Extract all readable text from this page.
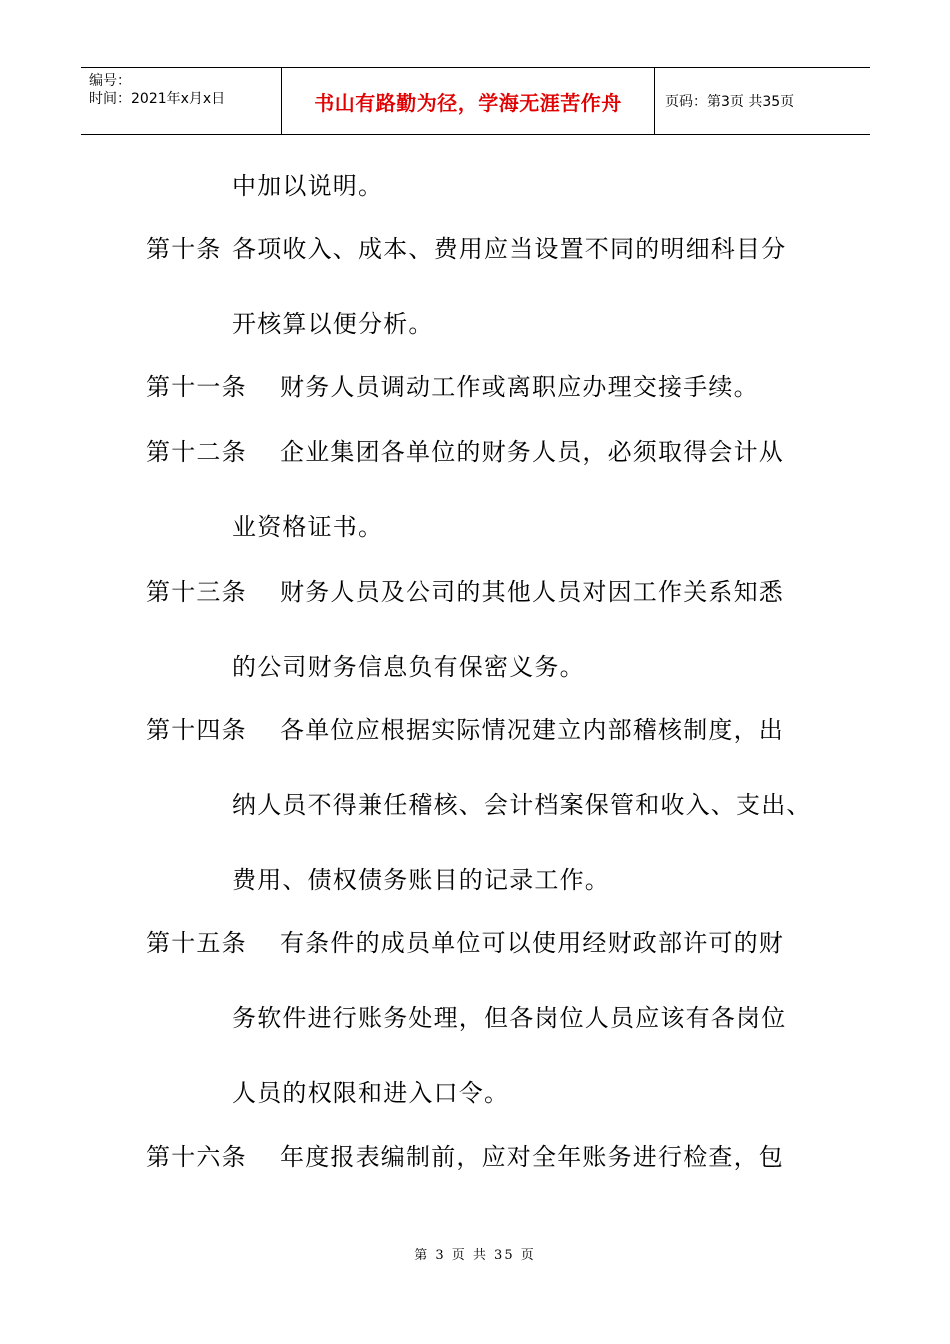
编号：
时间：2021年x月x日	书山有路勤为径，学海无涯苦作舟	页码：第3页 共35页
中加以说明。
第十条 各项收入、成本、费用应当设置不同的明细科目分
开核算以便分析。
第十一条 财务人员调动工作或离职应办理交接手续。
第十二条 企业集团各单位的财务人员，必须取得会计从
业资格证书。
第十三条 财务人员及公司的其他人员对因工作关系知悉
的公司财务信息负有保密义务。
第十四条 各单位应根据实际情况建立内部稽核制度，出
纳人员不得兼任稽核、会计档案保管和收入、支出、
费用、债权债务账目的记录工作。
第十五条 有条件的成员单位可以使用经财政部许可的财
务软件进行账务处理，但各岗位人员应该有各岗位
人员的权限和进入口令。
第十六条 年度报表编制前，应对全年账务进行检查，包
第 3 页 共 35 页
